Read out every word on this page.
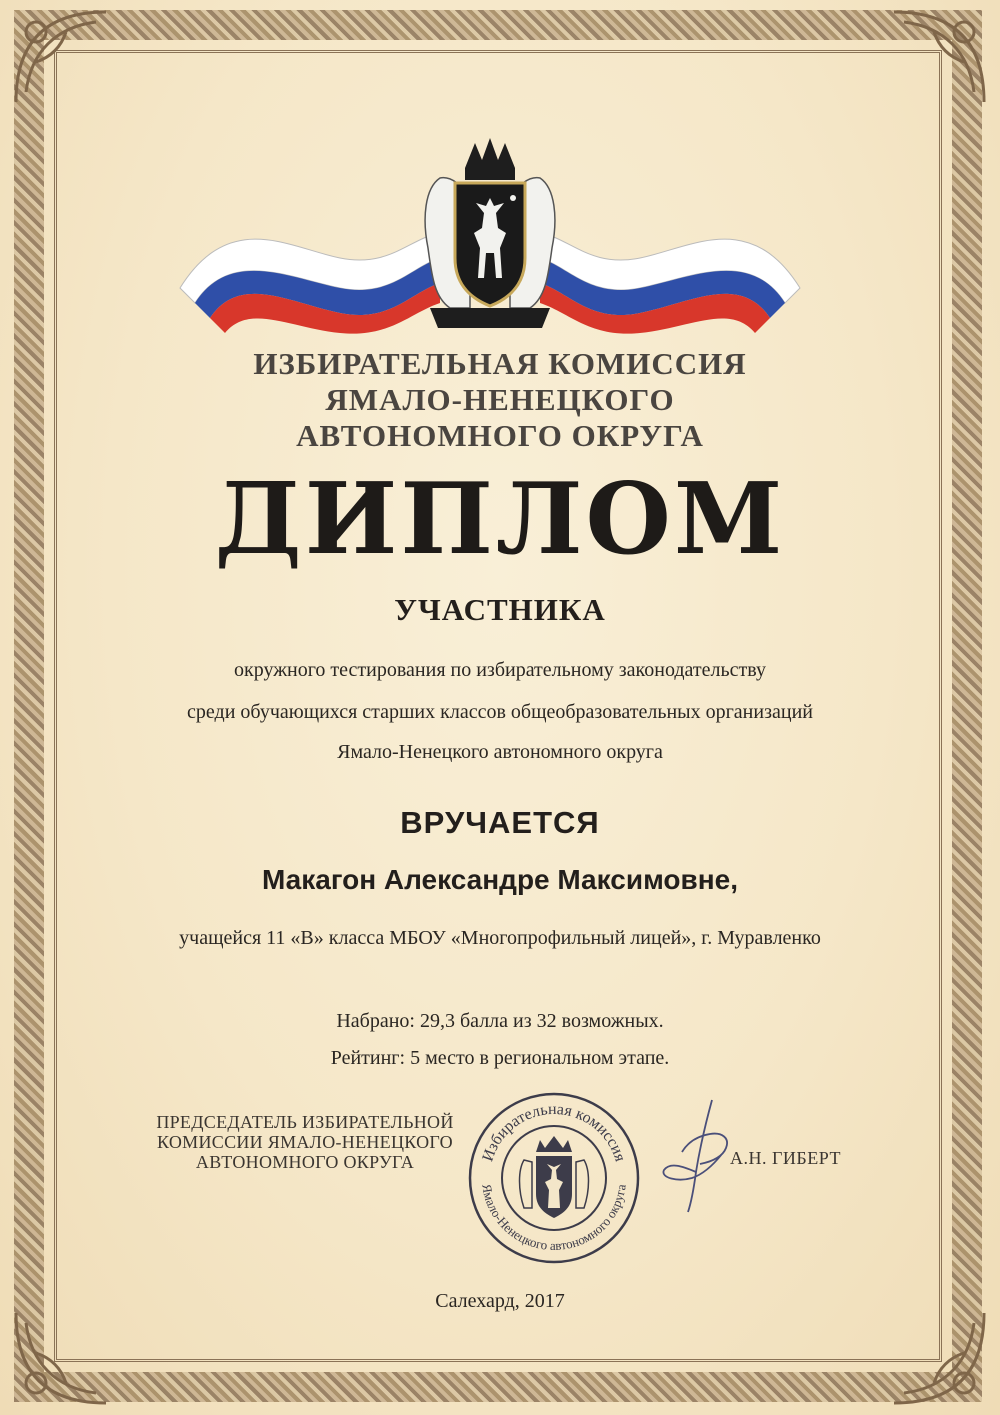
ИЗБИРАТЕЛЬНАЯ КОМИССИЯ
ЯМАЛО-НЕНЕЦКОГО
АВТОНОМНОГО ОКРУГА
ДИПЛОМ
УЧАСТНИКА
окружного тестирования по избирательному законодательству
среди обучающихся старших классов общеобразовательных организаций
Ямало-Ненецкого автономного округа
ВРУЧАЕТСЯ
Макагон Александре Максимовне,
учащейся 11 «В» класса МБОУ «Многопрофильный лицей», г. Муравленко
Набрано: 29,3 балла из 32 возможных.
Рейтинг: 5 место в региональном этапе.
ПРЕДСЕДАТЕЛЬ ИЗБИРАТЕЛЬНОЙ
КОМИССИИ ЯМАЛО-НЕНЕЦКОГО
АВТОНОМНОГО ОКРУГА	Избирательная комиссия
Ямало-Ненецкого автономного округа
А.Н. ГИБЕРТ
Салехард, 2017
